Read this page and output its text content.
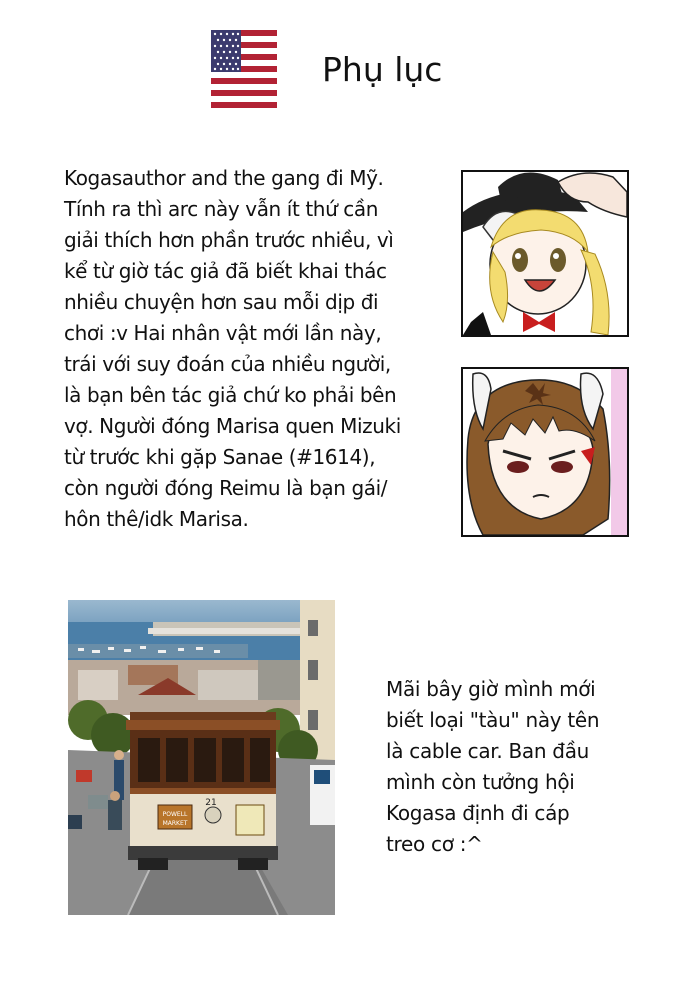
Phụ lục
Kogasauthor and the gang đi Mỹ.
Tính ra thì arc này vẫn ít thứ cần
giải thích hơn phần trước nhiều, vì
kể từ giờ tác giả đã biết khai thác
nhiều chuyện hơn sau mỗi dịp đi
chơi :v Hai nhân vật mới lần này,
trái với suy đoán của nhiều người,
là bạn bên tác giả chứ ko phải bên
vợ. Người đóng Marisa quen Mizuki
từ trước khi gặp Sanae (#1614),
còn người đóng Reimu là bạn gái/
hôn thê/idk Marisa.
POWELL
MARKET
21
Mãi bây giờ mình mới
biết loại "tàu" này tên
là cable car. Ban đầu
mình còn tưởng hội
Kogasa định đi cáp
treo cơ :^
